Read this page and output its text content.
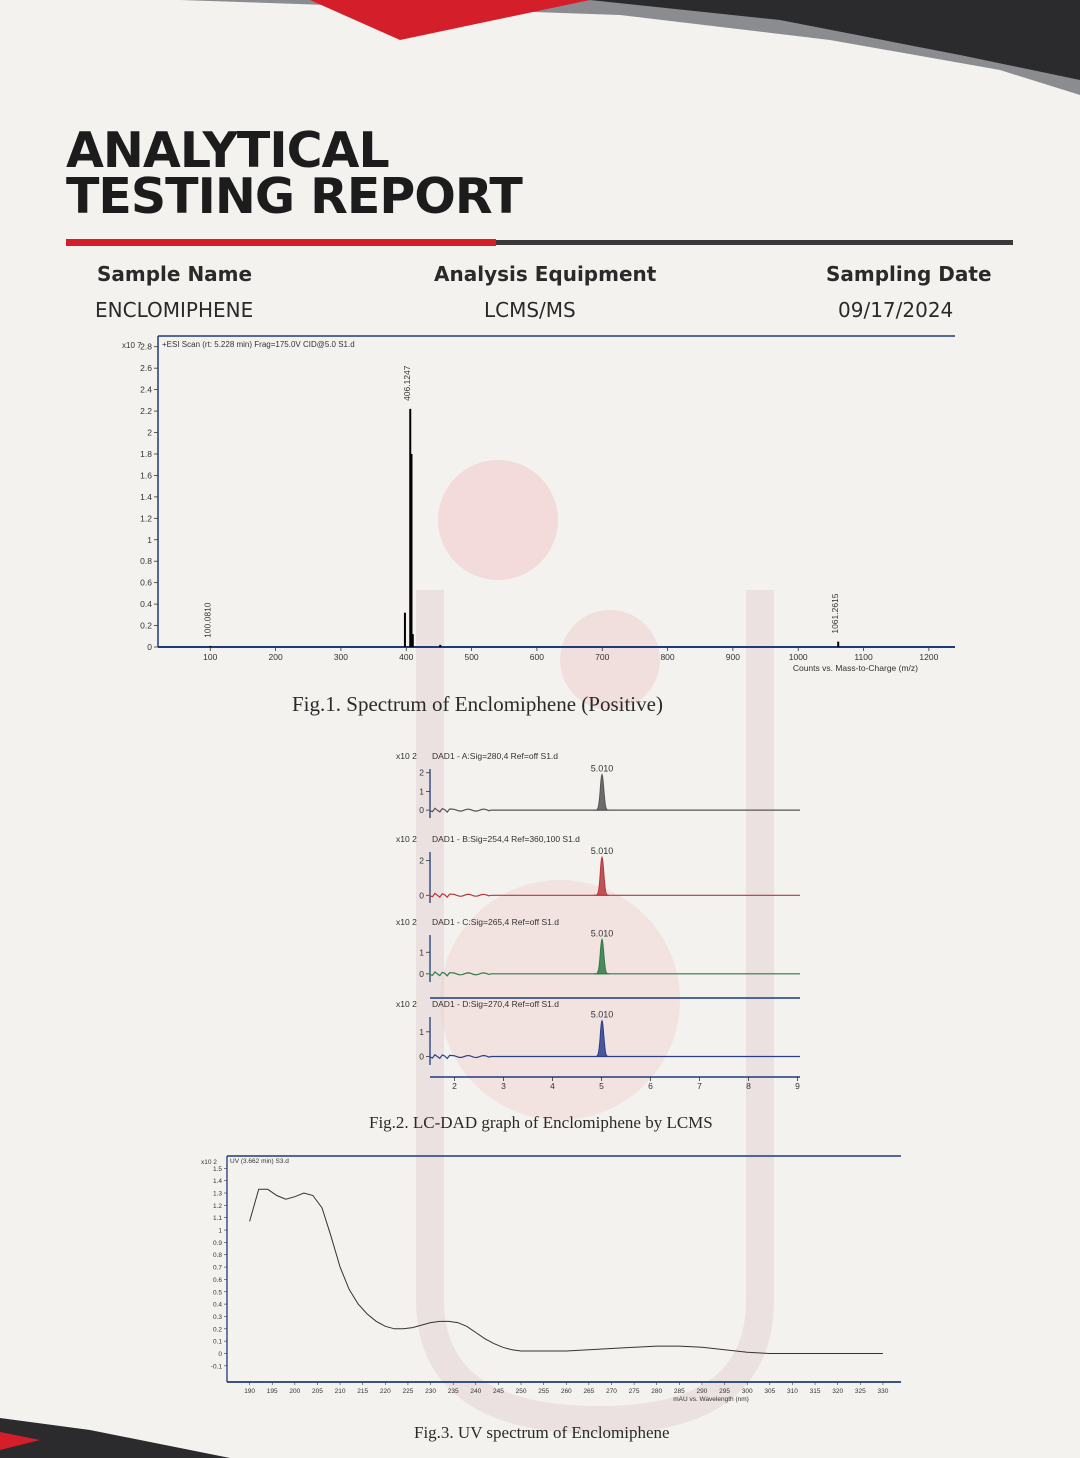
ANALYTICAL
TESTING REPORT
Sample Name
ENCLOMIPHENE
Analysis Equipment
LCMS/MS
Sampling Date
09/17/2024
x10 7	+ESI Scan (rt: 5.228 min) Frag=175.0V CID@5.0 S1.d
0
0.2
0.4
0.6
0.8
1
1.2
1.4
1.6
1.8
2
2.2
2.4
2.6
2.8
100	200	300	400	500	600	700	800	900	1000	1100	1200
Counts vs. Mass-to-Charge (m/z)
100.0810
406.1247
1061.2615
Fig.1. Spectrum of Enclomiphene (Positive)
x10 2 DAD1 - A:Sig=280,4 Ref=off S1.d
0
1
2	5.010
x10 2 DAD1 - B:Sig=254,4 Ref=360,100 S1.d
0
2
5.010
x10 2 DAD1 - C:Sig=265,4 Ref=off S1.d
0
1
5.010
x10 2 DAD1 - D:Sig=270,4 Ref=off S1.d
0
1
5.010
2	3	4	5	6	7	8	9
Fig.2. LC-DAD graph of Enclomiphene by LCMS
x10 2 UV (3.662 min) S3.d
-0.1
0
0.1
0.2
0.3
0.4
0.5
0.6
0.7
0.8
0.9
1
1.1
1.2
1.3
1.4
1.5
190 195 200 205 210 215 220 225 230 235 240 245 250 255 260 265 270 275 280 285 290 295 300 305 310 315 320 325 330
mAU vs. Wavelength (nm)
Fig.3. UV spectrum of Enclomiphene
